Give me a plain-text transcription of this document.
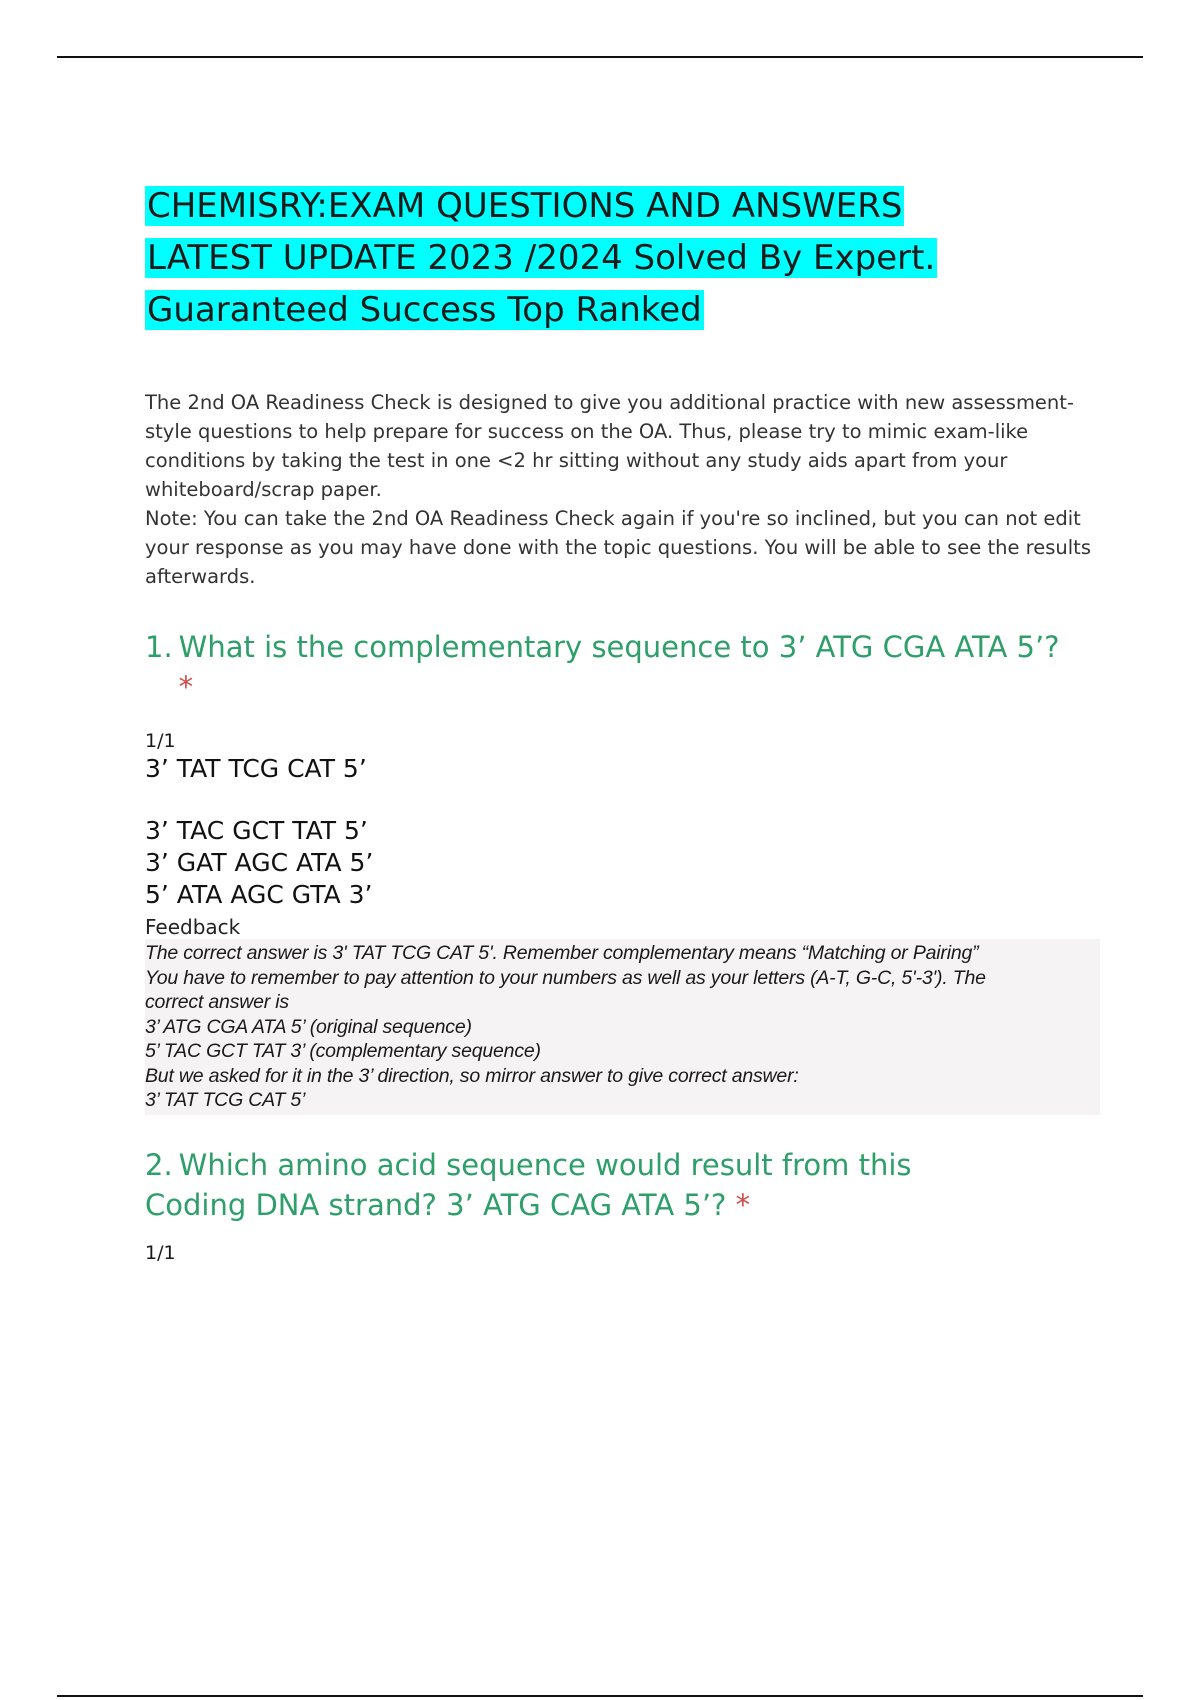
CHEMISRY:EXAM QUESTIONS AND ANSWERS
LATEST UPDATE 2023 /2024 Solved By Expert.
Guaranteed Success Top Ranked

The 2nd OA Readiness Check is designed to give you additional practice with new assessment-style questions to help prepare for success on the OA. Thus, please try to mimic exam-like conditions by taking the test in one <2 hr sitting without any study aids apart from your whiteboard/scrap paper.

Note: You can take the 2nd OA Readiness Check again if you're so inclined, but you can not edit your response as you may have done with the topic questions. You will be able to see the results afterwards.

1. What is the complementary sequence to 3’ ATG CGA ATA 5’?
*
1/1
3’ TAT TCG CAT 5’
3’ TAC GCT TAT 5’
3’ GAT AGC ATA 5’
5’ ATA AGC GTA 3’
Feedback
The correct answer is 3' TAT TCG CAT 5'. Remember complementary means “Matching or Pairing”
You have to remember to pay attention to your numbers as well as your letters (A-T, G-C, 5'-3'). The
correct answer is
3’ ATG CGA ATA 5’ (original sequence)
5’ TAC GCT TAT 3’ (complementary sequence)
But we asked for it in the 3’ direction, so mirror answer to give correct answer:
3’ TAT TCG CAT 5’
2. Which amino acid sequence would result from this
Coding DNA strand? 3’ ATG CAG ATA 5’? *
1/1
